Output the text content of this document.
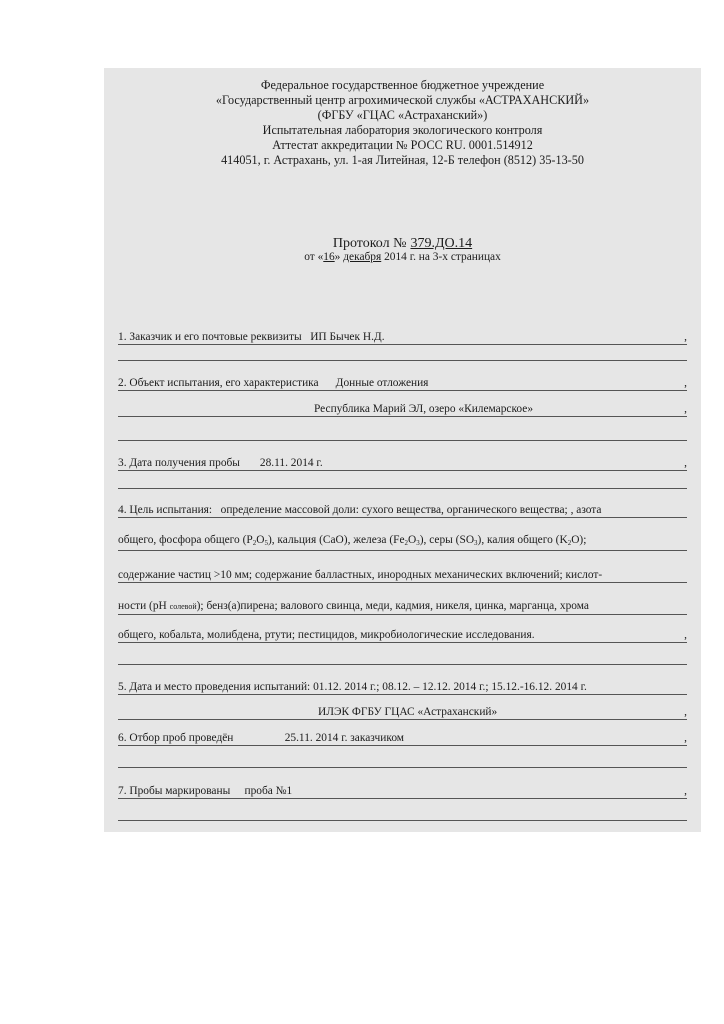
Федеральное государственное бюджетное учреждение
«Государственный центр агрохимической службы «АСТРАХАНСКИЙ»
(ФГБУ «ГЦАС «Астраханский»)
Испытательная лаборатория экологического контроля
Аттестат аккредитации № РОСС RU. 0001.514912
414051, г. Астрахань, ул. 1-ая Литейная, 12-Б телефон (8512) 35-13-50
Протокол № 379.ДО.14
от «16» декабря 2014 г. на 3-х страницах
1. Заказчик и его почтовые реквизиты ИП Бычек Н.Д.	,
2. Объект испытания, его характеристика Донные отложения	,
Республика Марий ЭЛ, озеро «Килемарское»	,
3. Дата получения пробы 28.11. 2014 г.	,
4. Цель испытания: определение массовой доли: сухого вещества, органического вещества; , азота
общего, фосфора общего $(P_2O_5)$, кальция (CaO), железа $(Fe_2O_3)$, серы $(SO_3)$, калия общего $(K_2O)$;
содержание частиц >10 мм; содержание балластных, инородных механических включений; кислот-
ности (pH солевой); бенз(а)пирена; валового свинца, меди, кадмия, никеля, цинка, марганца, хрома
общего, кобальта, молибдена, ртути; пестицидов, микробиологические исследования.	,
5. Дата и место проведения испытаний: 01.12. 2014 г.; 08.12. – 12.12. 2014 г.; 15.12.-16.12. 2014 г.
ИЛЭК ФГБУ ГЦАС «Астраханский»	,
6. Отбор проб проведён	25.11. 2014 г. заказчиком	,
7. Пробы маркированы проба №1	,
